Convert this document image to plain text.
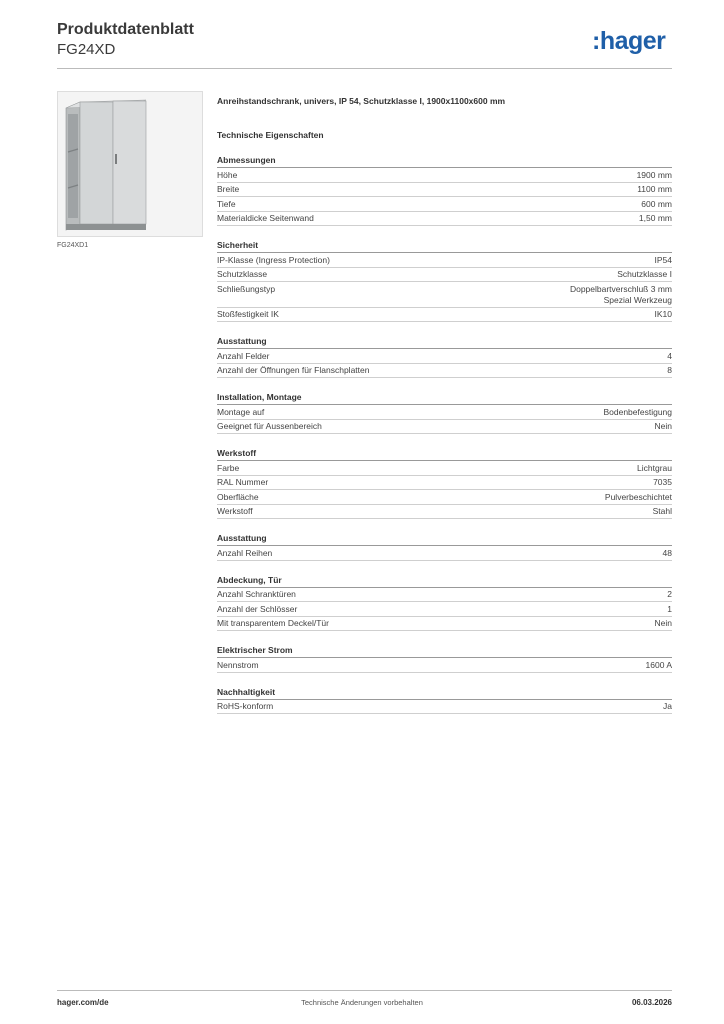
Produktdatenblatt
FG24XD	:hager
FG24XD1
Anreihstandschrank, univers, IP 54, Schutzklasse I, 1900x1100x600 mm
Technische Eigenschaften
Abmessungen
Höhe	1900 mm
Breite	1100 mm
Tiefe	600 mm
Materialdicke Seitenwand	1,50 mm
Sicherheit
IP-Klasse (Ingress Protection)	IP54
Schutzklasse	Schutzklasse I
Schließungstyp	Doppelbartverschluß 3 mm
Spezial Werkzeug
Stoßfestigkeit IK	IK10
Ausstattung
Anzahl Felder	4
Anzahl der Öffnungen für Flanschplatten	8
Installation, Montage
Montage auf	Bodenbefestigung
Geeignet für Aussenbereich	Nein
Werkstoff
Farbe	Lichtgrau
RAL Nummer	7035
Oberfläche	Pulverbeschichtet
Werkstoff	Stahl
Ausstattung
Anzahl Reihen	48
Abdeckung, Tür
Anzahl Schranktüren	2
Anzahl der Schlösser	1
Mit transparentem Deckel/Tür	Nein
Elektrischer Strom
Nennstrom	1600 A
Nachhaltigkeit
RoHS-konform	Ja
hager.com/de	Technische Änderungen vorbehalten	06.03.2026
